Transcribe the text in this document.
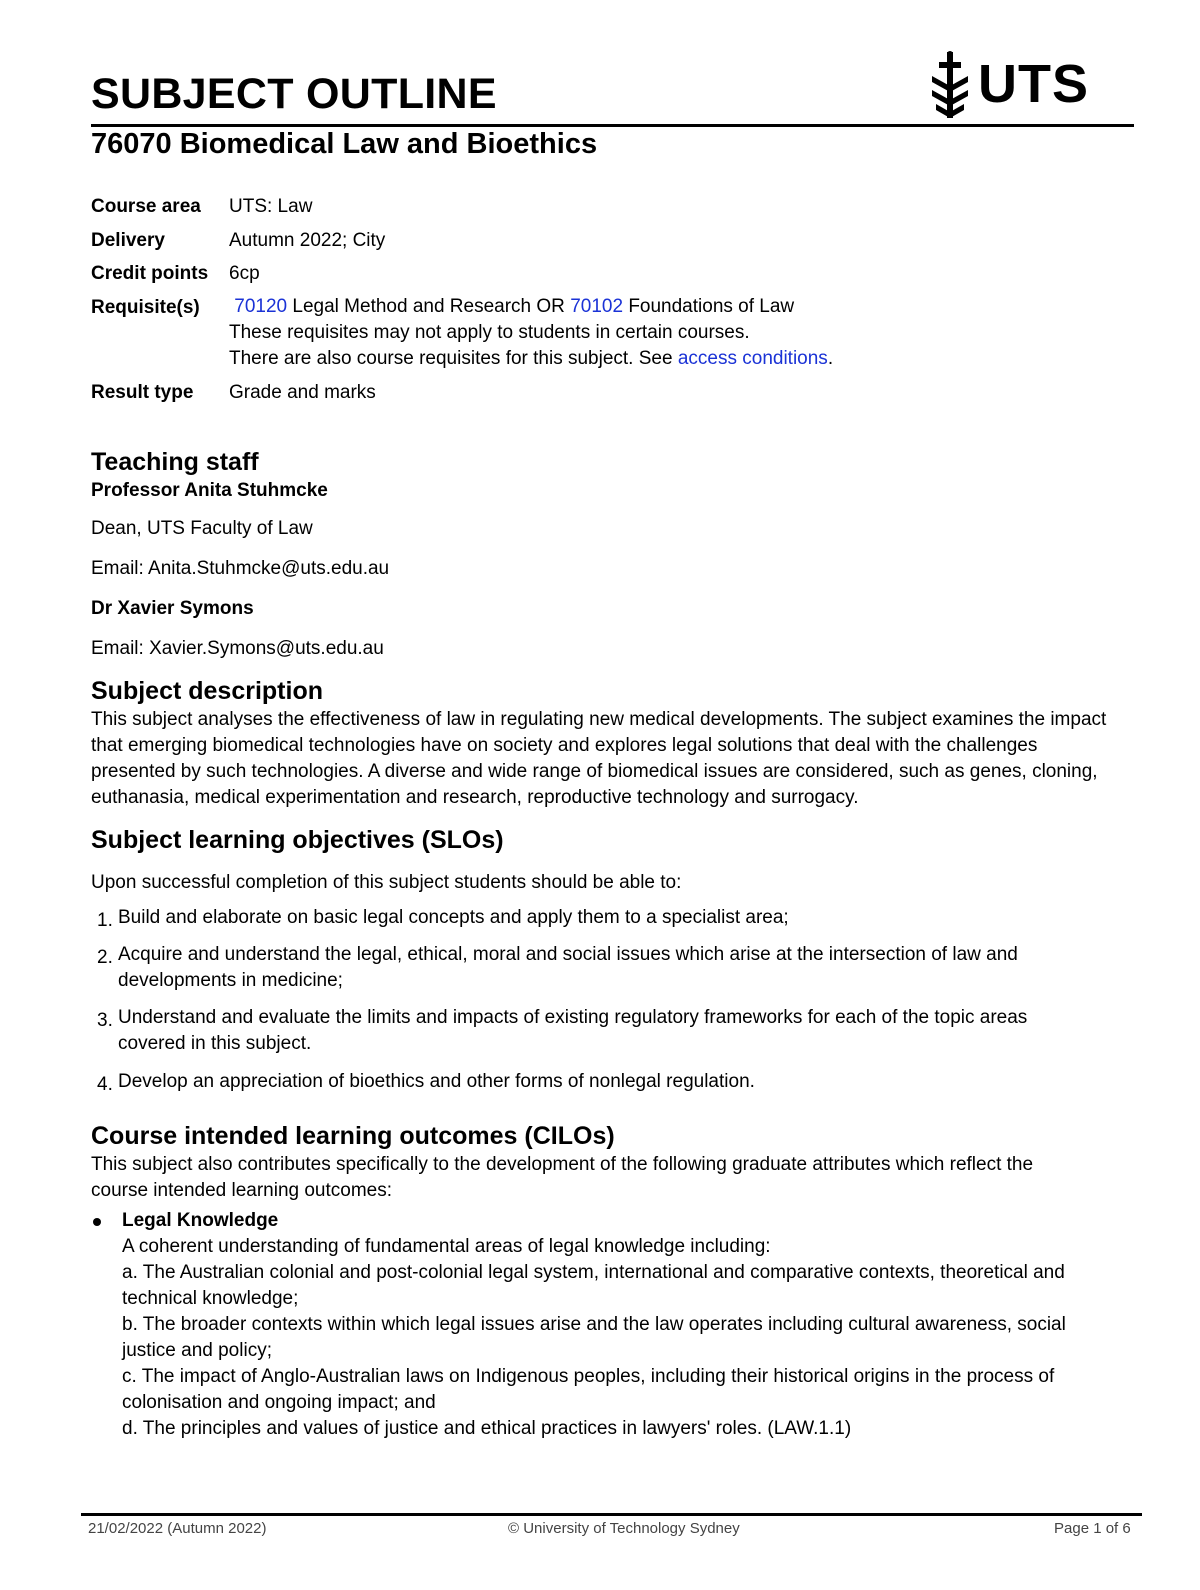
SUBJECT OUTLINE	UTS
76070 Biomedical Law and Bioethics
Course area UTS: Law
Delivery	Autumn 2022; City
Credit points 6cp
Requisite(s) 70120 Legal Method and Research OR 70102 Foundations of Law
These requisites may not apply to students in certain courses.
There are also course requisites for this subject. See access conditions.
Result type Grade and marks
Teaching staff

Professor Anita Stuhmcke

Dean, UTS Faculty of Law

Email: Anita.Stuhmcke@uts.edu.au

Dr Xavier Symons

Email: Xavier.Symons@uts.edu.au

Subject description

This subject analyses the effectiveness of law in regulating new medical developments. The subject examines the impact that emerging biomedical technologies have on society and explores legal solutions that deal with the challenges presented by such technologies. A diverse and wide range of biomedical issues are considered, such as genes, cloning, euthanasia, medical experimentation and research, reproductive technology and surrogacy.

Subject learning objectives (SLOs)

Upon successful completion of this subject students should be able to:

1. Build and elaborate on basic legal concepts and apply them to a specialist area;
2. Acquire and understand the legal, ethical, moral and social issues which arise at the intersection of law and developments in medicine;
3. Understand and evaluate the limits and impacts of existing regulatory frameworks for each of the topic areas covered in this subject.
4. Develop an appreciation of bioethics and other forms of nonlegal regulation.
Course intended learning outcomes (CILOs)

This subject also contributes specifically to the development of the following graduate attributes which reflect the course intended learning outcomes:

Legal Knowledge
A coherent understanding of fundamental areas of legal knowledge including:
a. The Australian colonial and post-colonial legal system, international and comparative contexts, theoretical and technical knowledge;
b. The broader contexts within which legal issues arise and the law operates including cultural awareness, social justice and policy;
c. The impact of Anglo-Australian laws on Indigenous peoples, including their historical origins in the process of colonisation and ongoing impact; and
d. The principles and values of justice and ethical practices in lawyers' roles. (LAW.1.1)
21/02/2022 (Autumn 2022)	© University of Technology Sydney	Page 1 of 6
